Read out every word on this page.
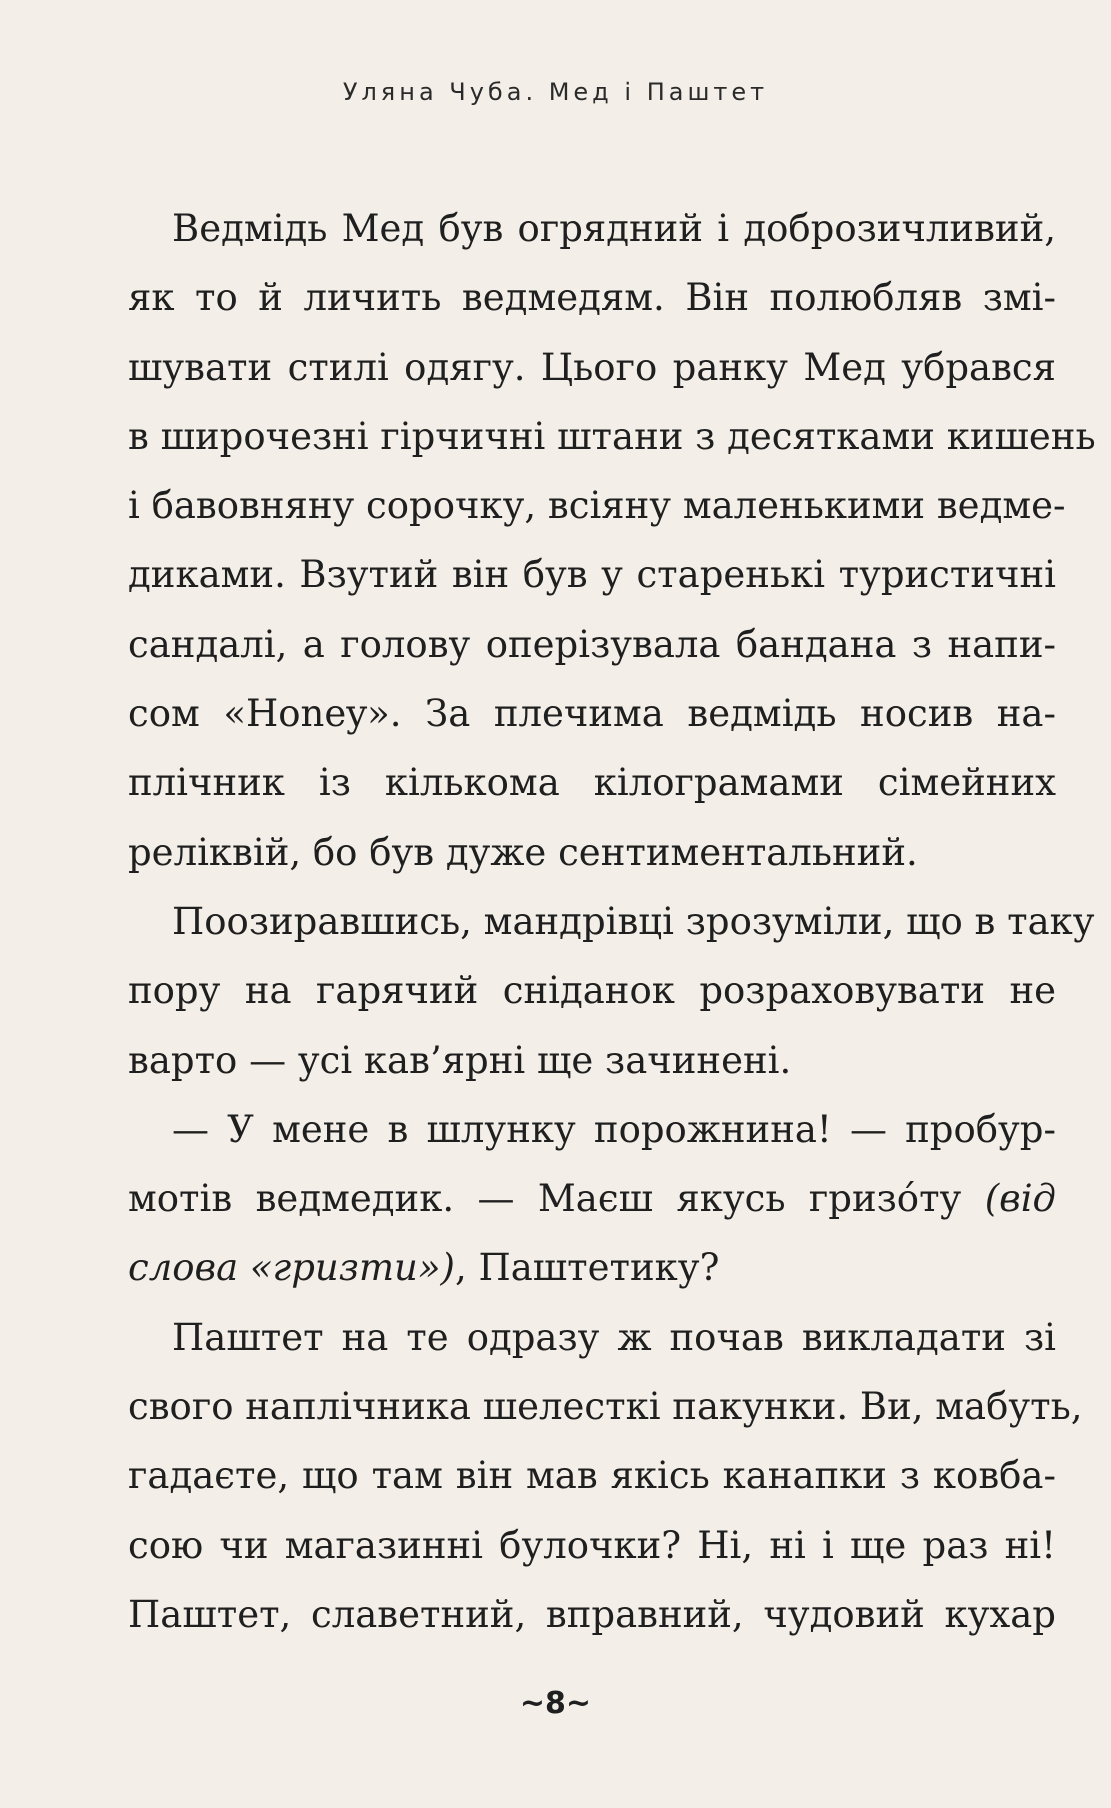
Уляна Чуба. Мед і Паштет
Ведмідь Мед був огрядний і доброзичливий,
як то й личить ведмедям. Він полюбляв змі-
шувати стилі одягу. Цього ранку Мед убрався
в широчезні гірчичні штани з десятками кишень
і бавовняну сорочку, всіяну маленькими ведме-
диками. Взутий він був у старенькі туристичні
сандалі, а голову оперізувала бандана з напи-
сом «Honey». За плечима ведмідь носив на-
плічник із кількома кілограмами сімейних
реліквій, бо був дуже сентиментальний.
Поозиравшись, мандрівці зрозуміли, що в таку
пору на гарячий сніданок розраховувати не
варто — усі кав’ярні ще зачинені.
— У мене в шлунку порожнина! — пробур-
мотів ведмедик. — Маєш якусь гризо́ту (від
слова «гризти»), Паштетику?
Паштет на те одразу ж почав викладати зі
свого наплічника шелесткі пакунки. Ви, мабуть,
гадаєте, що там він мав якісь канапки з ковба-
сою чи магазинні булочки? Ні, ні і ще раз ні!
Паштет, славетний, вправний, чудовий кухар
~8~
